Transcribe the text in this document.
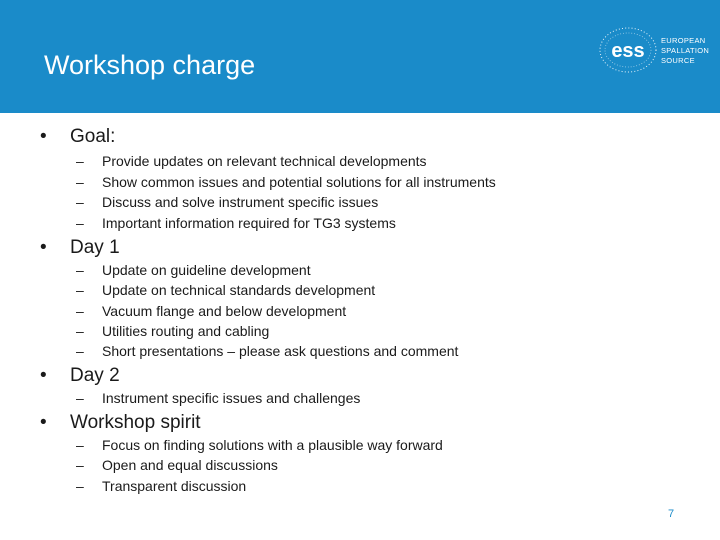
Workshop charge	ess EUROPEAN
SPALLATION
SOURCE
• Goal:
– Provide updates on relevant technical developments
– Show common issues and potential solutions for all instruments
– Discuss and solve instrument specific issues
– Important information required for TG3 systems
• Day 1
– Update on guideline development
– Update on technical standards development
– Vacuum flange and below development
– Utilities routing and cabling
– Short presentations – please ask questions and comment
• Day 2
– Instrument specific issues and challenges
• Workshop spirit
– Focus on finding solutions with a plausible way forward
– Open and equal discussions
– Transparent discussion
7
